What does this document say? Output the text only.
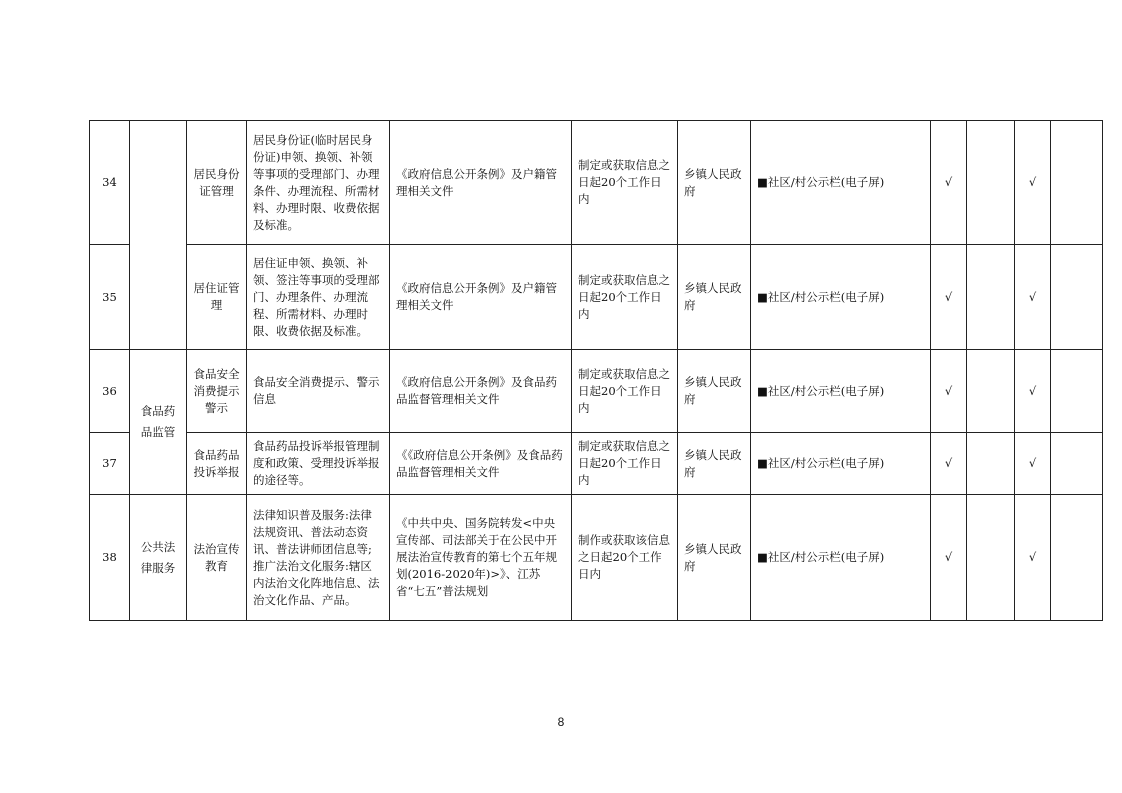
34		居民身份证管理	居民身份证(临时居民身份证)申领、换领、补领等事项的受理部门、办理条件、办理流程、所需材料、办理时限、收费依据及标准。	《政府信息公开条例》及户籍管理相关文件	制定或获取信息之日起20个工作日内	乡镇人民政府	■社区/村公示栏(电子屏)	√		√	
35		居住证管理	居住证申领、换领、补领、签注等事项的受理部门、办理条件、办理流程、所需材料、办理时限、收费依据及标准。	《政府信息公开条例》及户籍管理相关文件	制定或获取信息之日起20个工作日内	乡镇人民政府	■社区/村公示栏(电子屏)	√		√	
36	食品药品监管	食品安全消费提示警示	食品安全消费提示、警示信息	《政府信息公开条例》及食品药品监督管理相关文件	制定或获取信息之日起20个工作日内	乡镇人民政府	■社区/村公示栏(电子屏)	√		√	
37		食品药品投诉举报	食品药品投诉举报管理制度和政策、受理投诉举报的途径等。	《《政府信息公开条例》及食品药品监督管理相关文件	制定或获取信息之日起20个工作日内	乡镇人民政府	■社区/村公示栏(电子屏)	√		√	
38	公共法律服务	法治宣传教育	法律知识普及服务:法律法规资讯、普法动态资讯、普法讲师团信息等;推广法治文化服务:辖区内法治文化阵地信息、法治文化作品、产品。	《中共中央、国务院转发<中央宣传部、司法部关于在公民中开展法治宣传教育的第七个五年规划(2016-2020年)>》、江苏省“七五”普法规划	制作或获取该信息之日起20个工作日内	乡镇人民政府	■社区/村公示栏(电子屏)	√		√	
8
